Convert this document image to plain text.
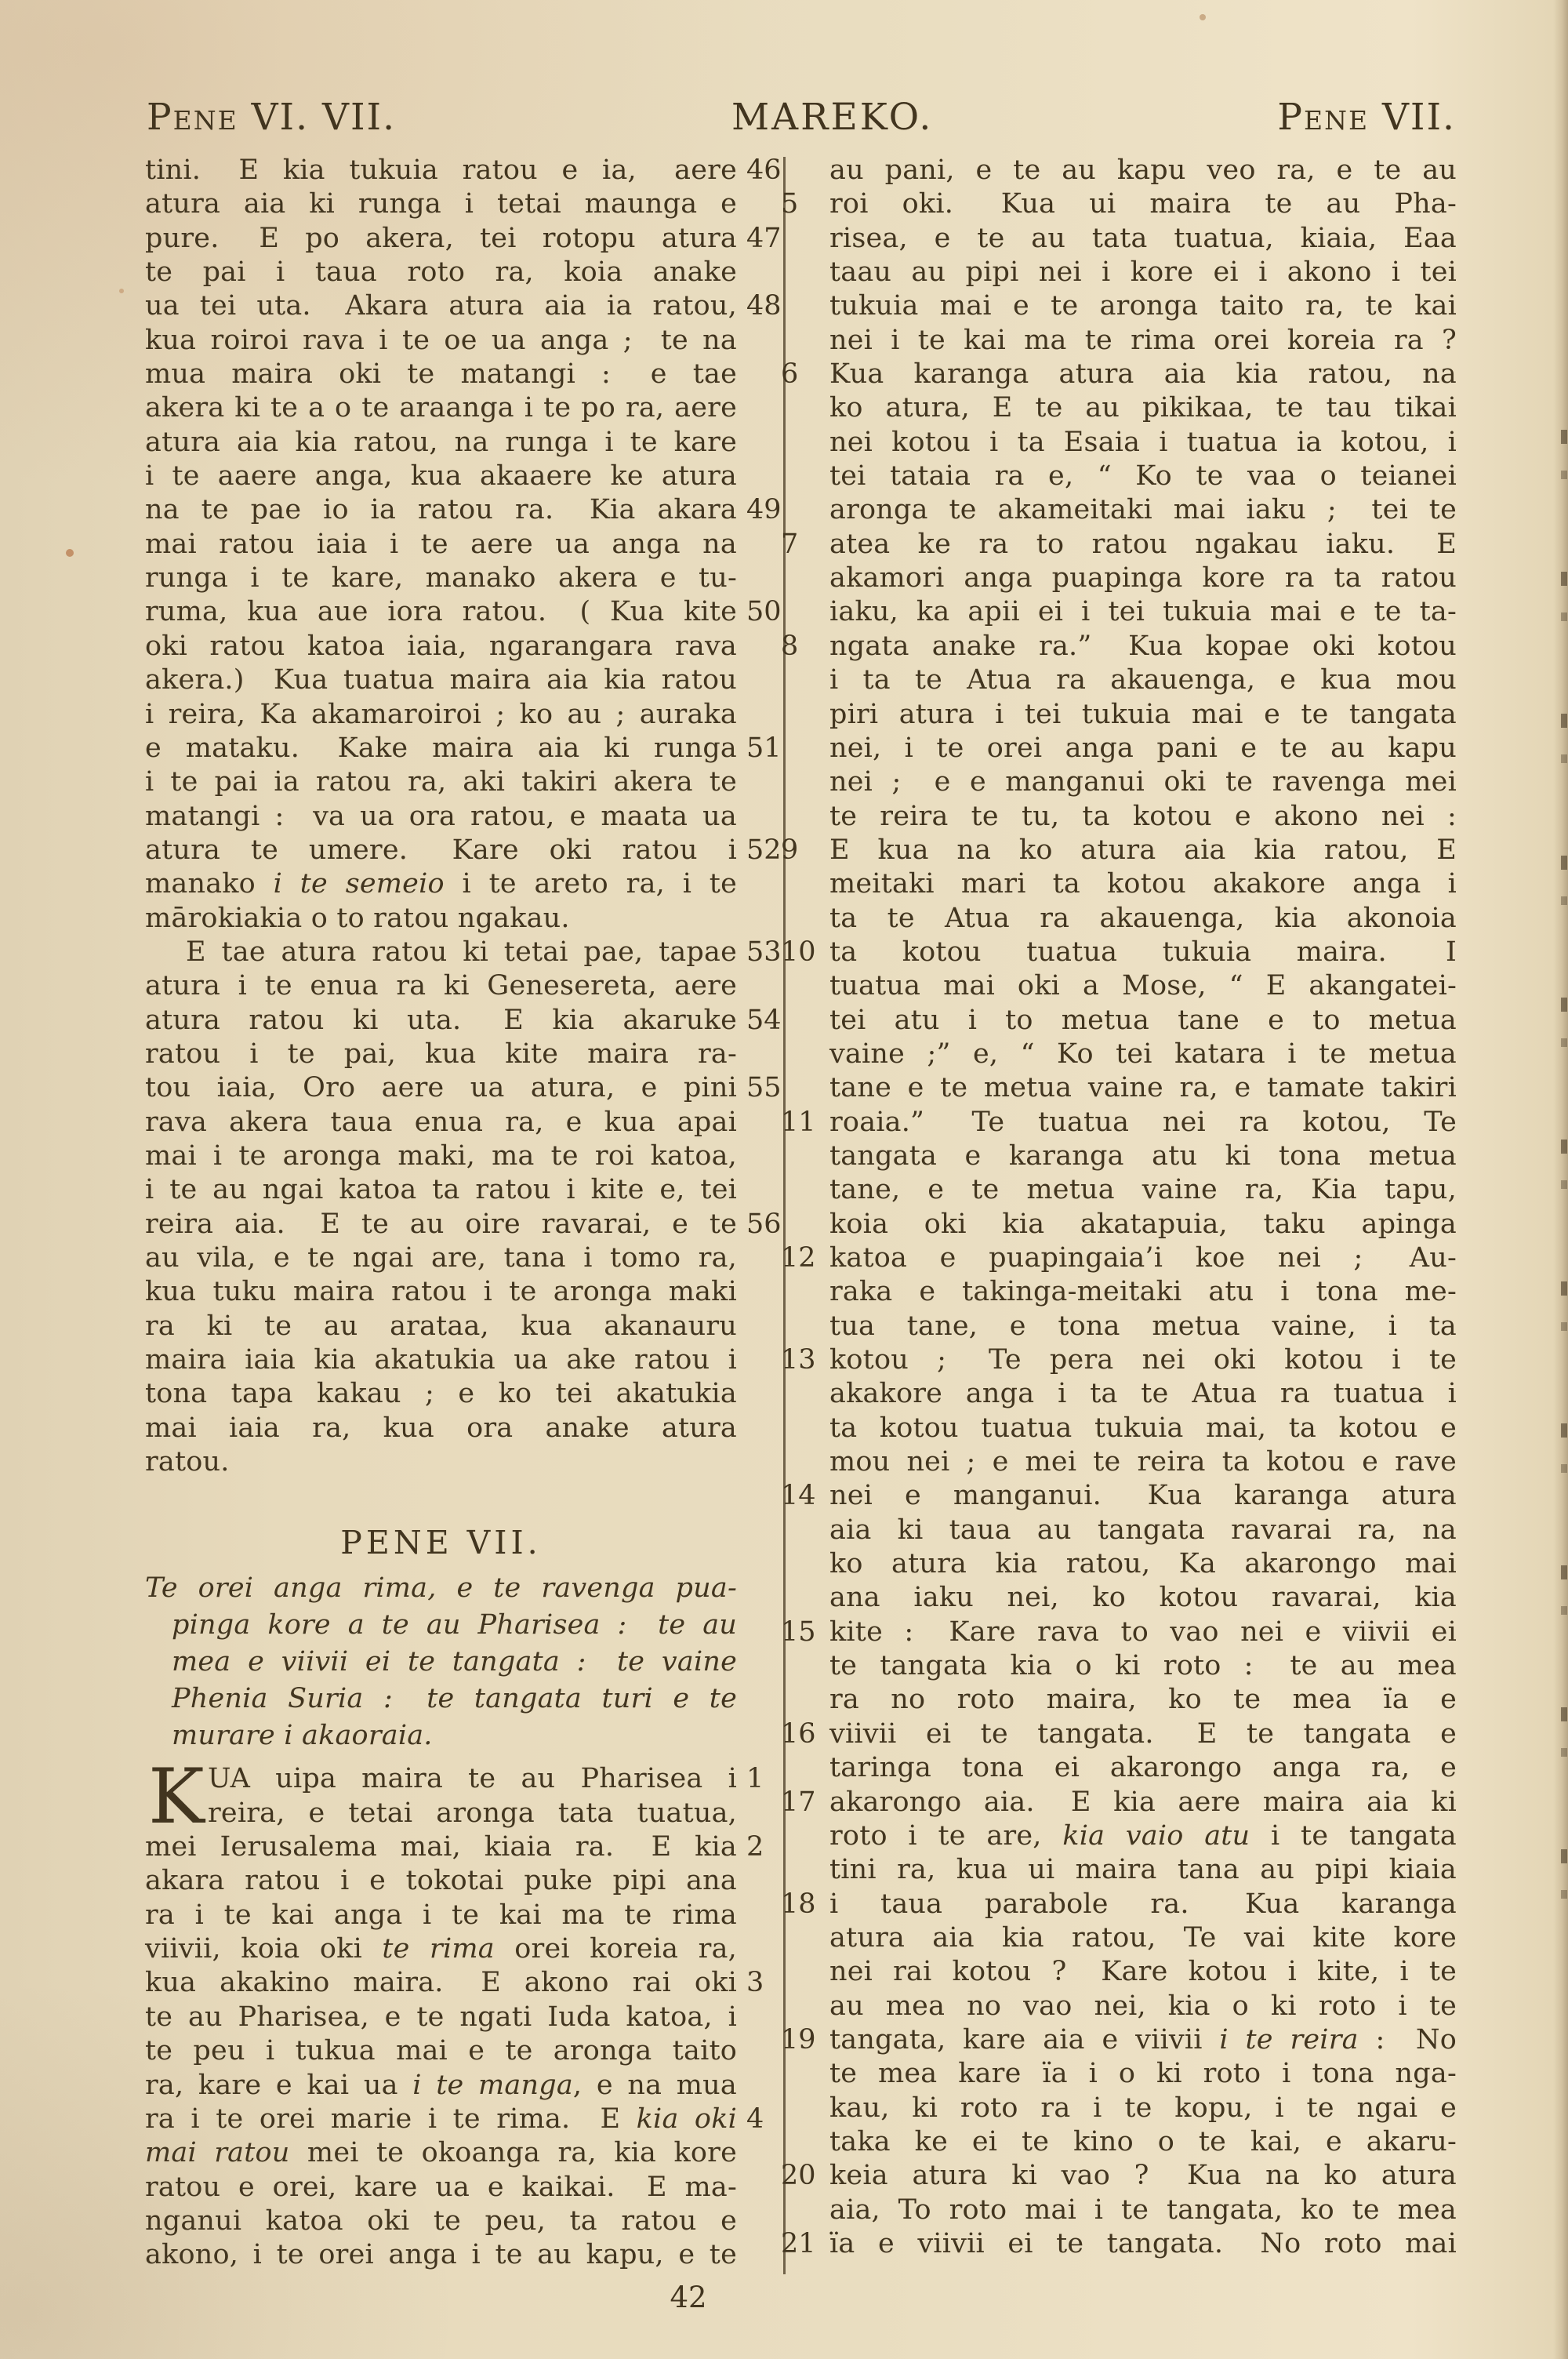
Pene VI. VII.	MAREKO.	Pene VII.
46
tini.  E kia tukuia ratou e ia,  aere
atura aia ki runga i tetai maunga e
47
pure.  E po akera, tei rotopu atura
te pai i taua roto ra, koia anake
48
ua tei uta.  Akara atura aia ia ratou,
kua roiroi rava i te oe ua anga ;  te na
mua maira oki te matangi :  e tae
akera ki te a o te araanga i te po ra, aere
atura aia kia ratou, na runga i te kare
i te aaere anga, kua akaaere ke atura
49
na te pae io ia ratou ra.  Kia akara
mai ratou iaia i te aere ua anga na
runga i te kare, manako akera e tu-
50
ruma, kua aue iora ratou.  ( Kua kite
oki ratou katoa iaia, ngarangara rava
akera.)  Kua tuatua maira aia kia ratou
i reira, Ka akamaroiroi ; ko au ; auraka
51
e mataku.  Kake maira aia ki runga
i te pai ia ratou ra, aki takiri akera te
matangi :  va ua ora ratou, e maata ua
52
atura te umere.  Kare oki ratou i
manako i te semeio i te areto ra, i te
mārokiakia o to ratou ngakau.
53
E tae atura ratou ki tetai pae, tapae
atura i te enua ra ki Genesereta, aere
54
atura ratou ki uta.  E kia akaruke
ratou i te pai, kua kite maira ra-
55
tou iaia, Oro aere ua atura, e pini
rava akera taua enua ra, e kua apai
mai i te aronga maki, ma te roi katoa,
i te au ngai katoa ta ratou i kite e, tei
56
reira aia.  E te au oire ravarai, e te
au vila, e te ngai are, tana i tomo ra,
kua tuku maira ratou i te aronga maki
ra ki te au arataa, kua akanauru
maira iaia kia akatukia ua ake ratou i
tona tapa kakau ; e ko tei akatukia
mai iaia ra, kua ora anake atura
ratou.
PENE VII.
Te orei anga rima, e te ravenga pua-
pinga kore a te au Pharisea :  te au
mea e viivii ei te tangata :  te vaine
Phenia Suria :  te tangata turi e te
murare i akaoraia.
K	1
UA uipa maira te au Pharisea i
reira, e tetai aronga tata tuatua,
2
mei Ierusalema mai, kiaia ra.  E kia
akara ratou i e tokotai puke pipi ana
ra i te kai anga i te kai ma te rima
viivii, koia oki te rima orei koreia ra,
3
kua akakino maira.  E akono rai oki
te au Pharisea, e te ngati Iuda katoa, i
te peu i tukua mai e te aronga taito
ra, kare e kai ua i te manga, e na mua
4
ra i te orei marie i te rima.  E kia oki
mai ratou mei te okoanga ra, kia kore
ratou e orei, kare ua e kaikai.  E ma-
nganui katoa oki te peu, ta ratou e
akono, i te orei anga i te au kapu, e te
au pani, e te au kapu veo ra, e te au
5	roi oki.  Kua ui maira te au Pha-
risea, e te au tata tuatua, kiaia, Eaa
taau au pipi nei i kore ei i akono i tei
tukuia mai e te aronga taito ra, te kai
nei i te kai ma te rima orei koreia ra ?
6	Kua karanga atura aia kia ratou, na
ko atura, E te au pikikaa, te tau tikai
nei kotou i ta Esaia i tuatua ia kotou, i
tei tataia ra e, “ Ko te vaa o teianei
aronga te akameitaki mai iaku ;  tei te
7	atea ke ra to ratou ngakau iaku.  E
akamori anga puapinga kore ra ta ratou
iaku, ka apii ei i tei tukuia mai e te ta-
8	ngata anake ra.”  Kua kopae oki kotou
i ta te Atua ra akauenga, e kua mou
piri atura i tei tukuia mai e te tangata
nei, i te orei anga pani e te au kapu
nei ;  e e manganui oki te ravenga mei
te reira te tu, ta kotou e akono nei :
9	E kua na ko atura aia kia ratou, E
meitaki mari ta kotou akakore anga i
ta te Atua ra akauenga, kia akonoia
10 ta kotou tuatua tukuia maira.  I
tuatua mai oki a Mose, “ E akangatei-
tei atu i to metua tane e to metua
vaine ;” e, “ Ko tei katara i te metua
tane e te metua vaine ra, e tamate takiri
11 roaia.”  Te tuatua nei ra kotou, Te
tangata e karanga atu ki tona metua
tane, e te metua vaine ra, Kia tapu,
koia oki kia akatapuia, taku apinga
12 katoa e puapingaia’i koe nei ;  Au-
raka e takinga-meitaki atu i tona me-
tua tane, e tona metua vaine, i ta
13 kotou ;  Te pera nei oki kotou i te
akakore anga i ta te Atua ra tuatua i
ta kotou tuatua tukuia mai, ta kotou e
mou nei ; e mei te reira ta kotou e rave
14 nei e manganui.  Kua karanga atura
aia ki taua au tangata ravarai ra, na
ko atura kia ratou, Ka akarongo mai
ana iaku nei, ko kotou ravarai, kia
15 kite :  Kare rava to vao nei e viivii ei
te tangata kia o ki roto :  te au mea
ra no roto maira, ko te mea ïa e
16 viivii ei te tangata.  E te tangata e
taringa tona ei akarongo anga ra, e
17 akarongo aia.  E kia aere maira aia ki
roto i te are, kia vaio atu i te tangata
tini ra, kua ui maira tana au pipi kiaia
18 i taua parabole ra.  Kua karanga
atura aia kia ratou, Te vai kite kore
nei rai kotou ?  Kare kotou i kite, i te
au mea no vao nei, kia o ki roto i te
19 tangata, kare aia e viivii i te reira :  No
te mea kare ïa i o ki roto i tona nga-
kau, ki roto ra i te kopu, i te ngai e
taka ke ei te kino o te kai, e akaru-
20 keia atura ki vao ?  Kua na ko atura
aia, To roto mai i te tangata, ko te mea
21 ïa e viivii ei te tangata.  No roto mai
42
